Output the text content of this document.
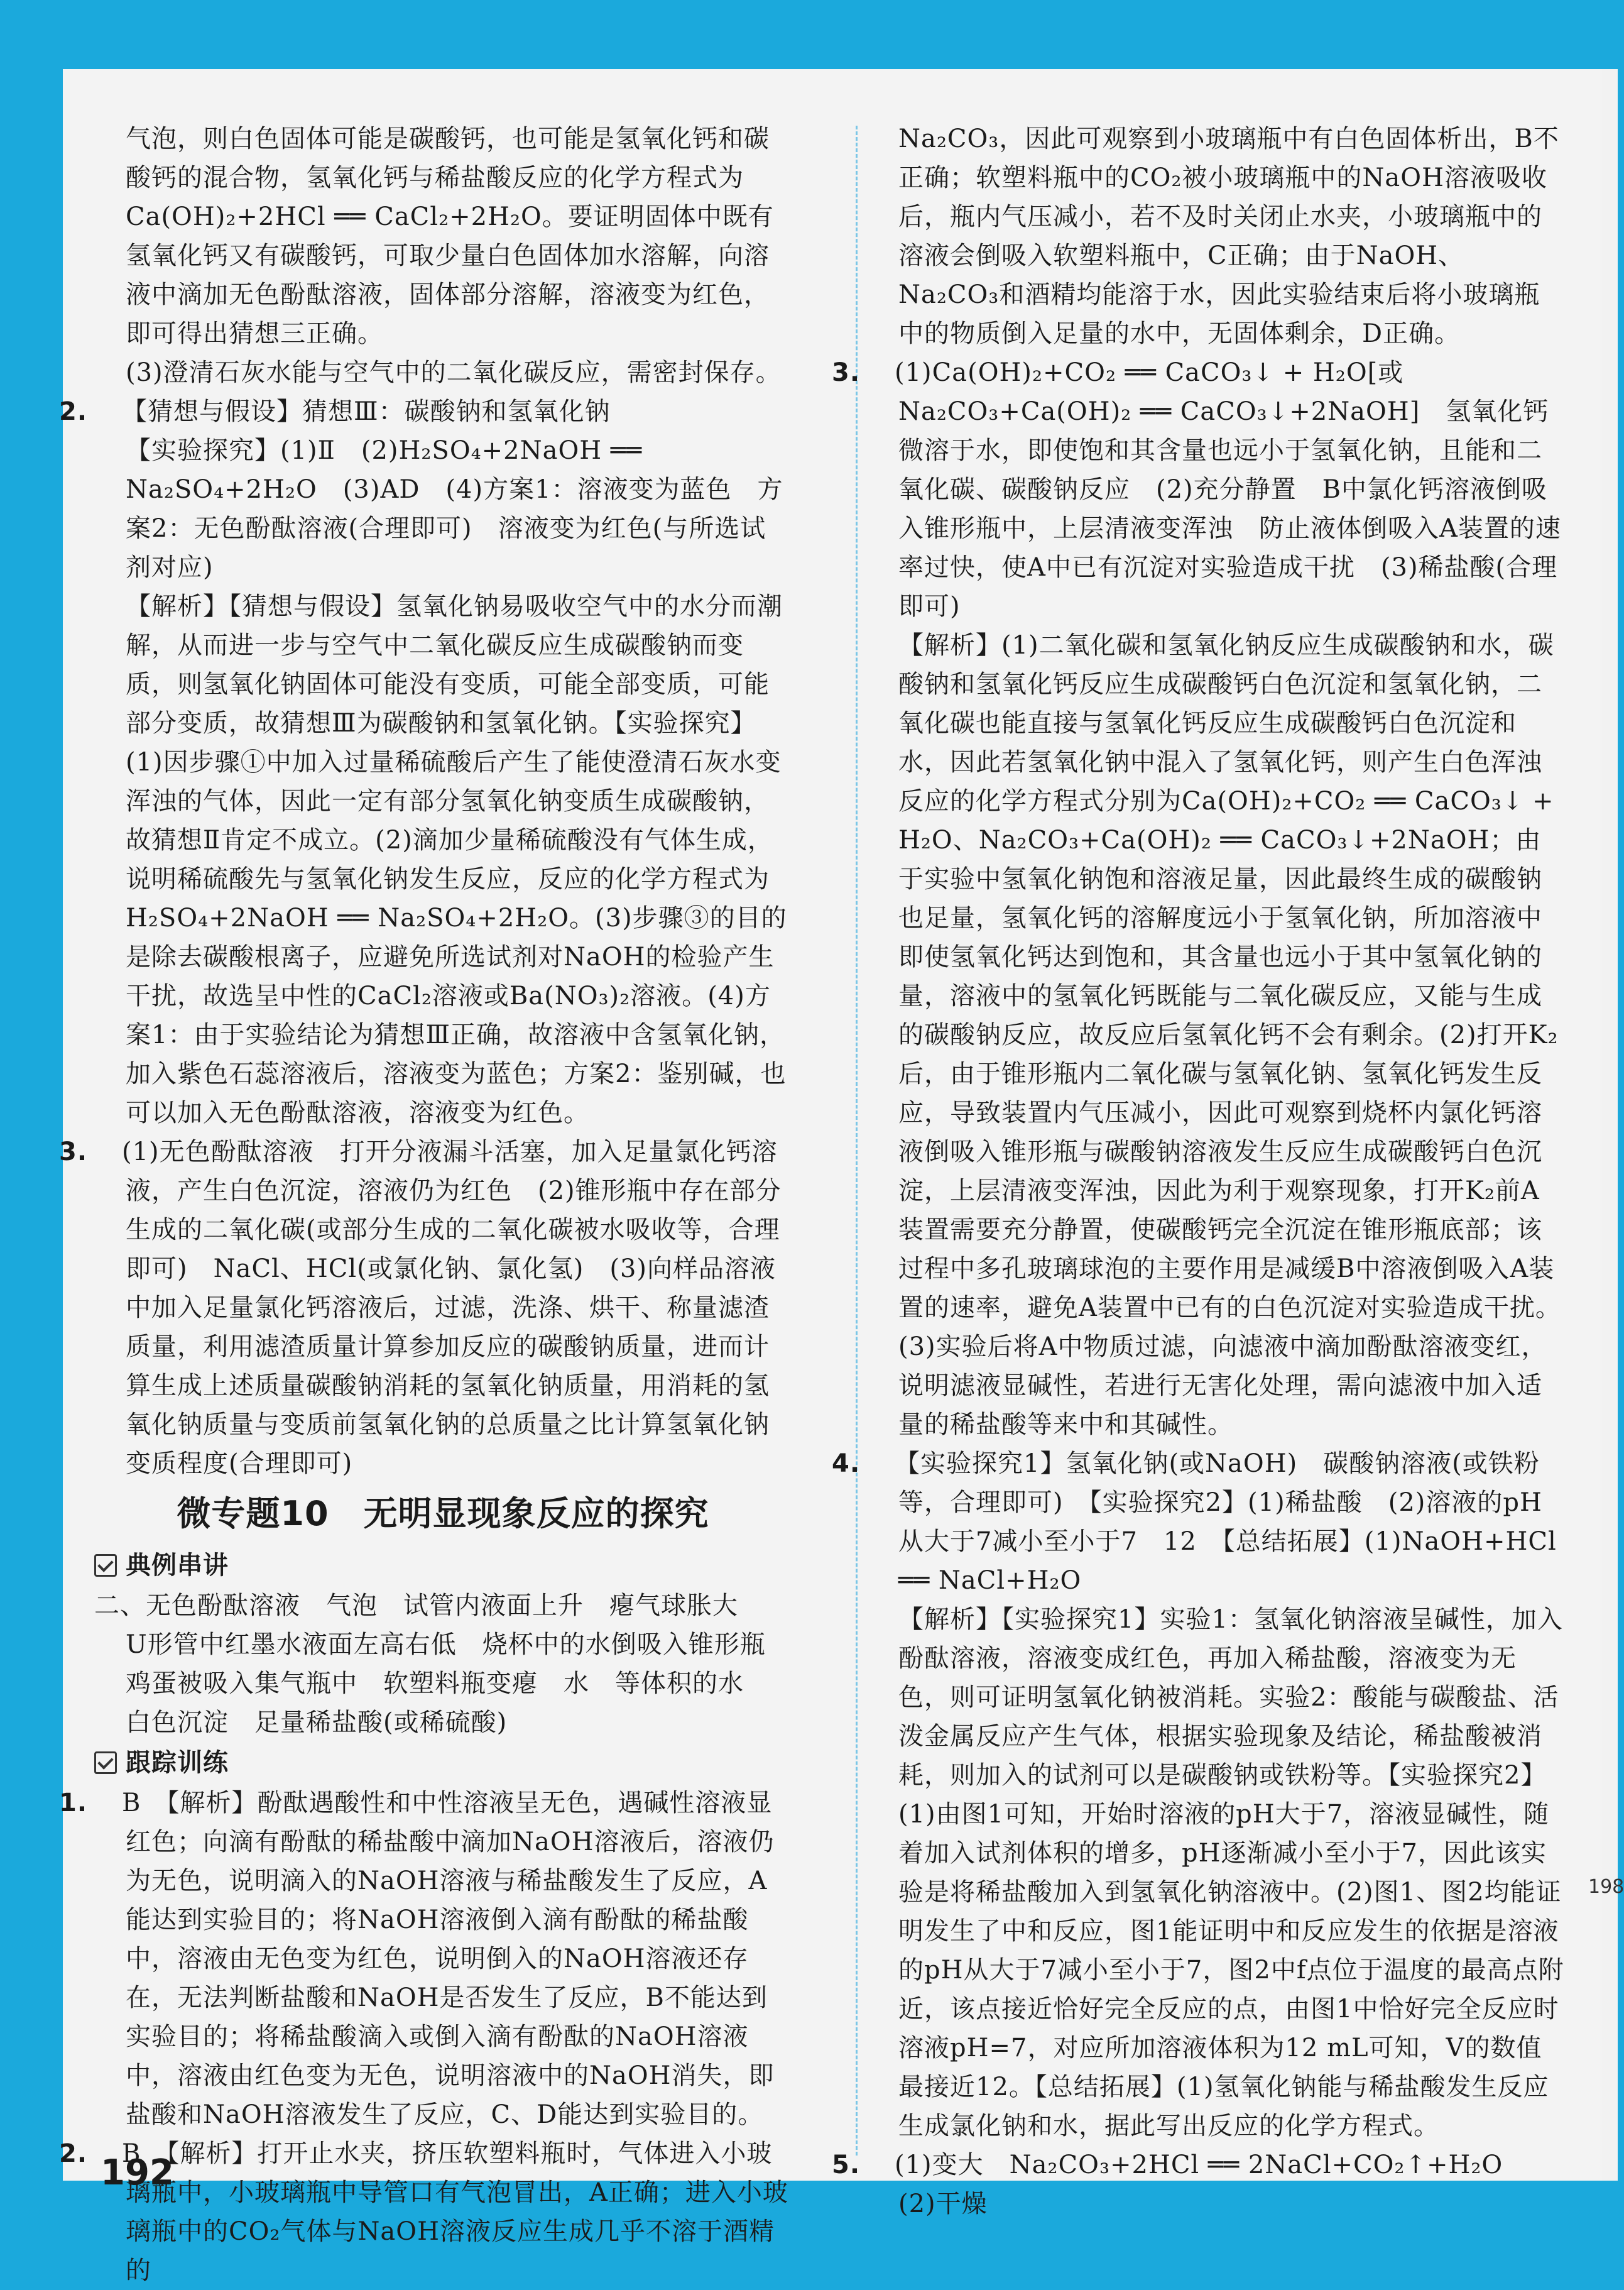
气泡，则白色固体可能是碳酸钙，也可能是氢氧化钙和碳酸钙的混合物，氢氧化钙与稀盐酸反应的化学方程式为Ca(OH)₂+2HCl ══ CaCl₂+2H₂O。要证明固体中既有氢氧化钙又有碳酸钙，可取少量白色固体加水溶解，向溶液中滴加无色酚酞溶液，固体部分溶解，溶液变为红色，即可得出猜想三正确。

(3)澄清石灰水能与空气中的二氧化碳反应，需密封保存。

2. 【猜想与假设】猜想Ⅲ：碳酸钠和氢氧化钠

【实验探究】(1)Ⅱ　(2)H₂SO₄+2NaOH ══ Na₂SO₄+2H₂O　(3)AD　(4)方案1：溶液变为蓝色　方案2：无色酚酞溶液(合理即可)　溶液变为红色(与所选试剂对应)

【解析】【猜想与假设】氢氧化钠易吸收空气中的水分而潮解，从而进一步与空气中二氧化碳反应生成碳酸钠而变质，则氢氧化钠固体可能没有变质，可能全部变质，可能部分变质，故猜想Ⅲ为碳酸钠和氢氧化钠。【实验探究】(1)因步骤①中加入过量稀硫酸后产生了能使澄清石灰水变浑浊的气体，因此一定有部分氢氧化钠变质生成碳酸钠，故猜想Ⅱ肯定不成立。(2)滴加少量稀硫酸没有气体生成，说明稀硫酸先与氢氧化钠发生反应，反应的化学方程式为H₂SO₄+2NaOH ══ Na₂SO₄+2H₂O。(3)步骤③的目的是除去碳酸根离子，应避免所选试剂对NaOH的检验产生干扰，故选呈中性的CaCl₂溶液或Ba(NO₃)₂溶液。(4)方案1：由于实验结论为猜想Ⅲ正确，故溶液中含氢氧化钠，加入紫色石蕊溶液后，溶液变为蓝色；方案2：鉴别碱，也可以加入无色酚酞溶液，溶液变为红色。

3. (1)无色酚酞溶液　打开分液漏斗活塞，加入足量氯化钙溶液，产生白色沉淀，溶液仍为红色　(2)锥形瓶中存在部分生成的二氧化碳(或部分生成的二氧化碳被水吸收等，合理即可)　NaCl、HCl(或氯化钠、氯化氢)　(3)向样品溶液中加入足量氯化钙溶液后，过滤，洗涤、烘干、称量滤渣质量，利用滤渣质量计算参加反应的碳酸钠质量，进而计算生成上述质量碳酸钠消耗的氢氧化钠质量，用消耗的氢氧化钠质量与变质前氢氧化钠的总质量之比计算氢氧化钠变质程度(合理即可)

微专题10　无明显现象反应的探究
典例串讲

二、无色酚酞溶液　气泡　试管内液面上升　瘪气球胀大

U形管中红墨水液面左高右低　烧杯中的水倒吸入锥形瓶

鸡蛋被吸入集气瓶中　软塑料瓶变瘪　水　等体积的水

白色沉淀　足量稀盐酸(或稀硫酸)

跟踪训练

1. B　【解析】酚酞遇酸性和中性溶液呈无色，遇碱性溶液显红色；向滴有酚酞的稀盐酸中滴加NaOH溶液后，溶液仍为无色，说明滴入的NaOH溶液与稀盐酸发生了反应，A能达到实验目的；将NaOH溶液倒入滴有酚酞的稀盐酸中，溶液由无色变为红色，说明倒入的NaOH溶液还存在，无法判断盐酸和NaOH是否发生了反应，B不能达到实验目的；将稀盐酸滴入或倒入滴有酚酞的NaOH溶液中，溶液由红色变为无色，说明溶液中的NaOH消失，即盐酸和NaOH溶液发生了反应，C、D能达到实验目的。

2. B　【解析】打开止水夹，挤压软塑料瓶时，气体进入小玻璃瓶中，小玻璃瓶中导管口有气泡冒出，A正确；进入小玻璃瓶中的CO₂气体与NaOH溶液反应生成几乎不溶于酒精的

Na₂CO₃，因此可观察到小玻璃瓶中有白色固体析出，B不正确；软塑料瓶中的CO₂被小玻璃瓶中的NaOH溶液吸收后，瓶内气压减小，若不及时关闭止水夹，小玻璃瓶中的溶液会倒吸入软塑料瓶中，C正确；由于NaOH、Na₂CO₃和酒精均能溶于水，因此实验结束后将小玻璃瓶中的物质倒入足量的水中，无固体剩余，D正确。

3. (1)Ca(OH)₂+CO₂ ══ CaCO₃↓ + H₂O[或Na₂CO₃+Ca(OH)₂ ══ CaCO₃↓+2NaOH]　氢氧化钙微溶于水，即使饱和其含量也远小于氢氧化钠，且能和二氧化碳、碳酸钠反应　(2)充分静置　B中氯化钙溶液倒吸入锥形瓶中，上层清液变浑浊　防止液体倒吸入A装置的速率过快，使A中已有沉淀对实验造成干扰　(3)稀盐酸(合理即可)

【解析】(1)二氧化碳和氢氧化钠反应生成碳酸钠和水，碳酸钠和氢氧化钙反应生成碳酸钙白色沉淀和氢氧化钠，二氧化碳也能直接与氢氧化钙反应生成碳酸钙白色沉淀和水，因此若氢氧化钠中混入了氢氧化钙，则产生白色浑浊反应的化学方程式分别为Ca(OH)₂+CO₂ ══ CaCO₃↓ + H₂O、Na₂CO₃+Ca(OH)₂ ══ CaCO₃↓+2NaOH；由于实验中氢氧化钠饱和溶液足量，因此最终生成的碳酸钠也足量，氢氧化钙的溶解度远小于氢氧化钠，所加溶液中即使氢氧化钙达到饱和，其含量也远小于其中氢氧化钠的量，溶液中的氢氧化钙既能与二氧化碳反应，又能与生成的碳酸钠反应，故反应后氢氧化钙不会有剩余。(2)打开K₂后，由于锥形瓶内二氧化碳与氢氧化钠、氢氧化钙发生反应，导致装置内气压减小，因此可观察到烧杯内氯化钙溶液倒吸入锥形瓶与碳酸钠溶液发生反应生成碳酸钙白色沉淀，上层清液变浑浊，因此为利于观察现象，打开K₂前A装置需要充分静置，使碳酸钙完全沉淀在锥形瓶底部；该过程中多孔玻璃球泡的主要作用是减缓B中溶液倒吸入A装置的速率，避免A装置中已有的白色沉淀对实验造成干扰。(3)实验后将A中物质过滤，向滤液中滴加酚酞溶液变红，说明滤液显碱性，若进行无害化处理，需向滤液中加入适量的稀盐酸等来中和其碱性。

4. 【实验探究1】氢氧化钠(或NaOH)　碳酸钠溶液(或铁粉等，合理即可)　【实验探究2】(1)稀盐酸　(2)溶液的pH从大于7减小至小于7　12　【总结拓展】(1)NaOH+HCl ══ NaCl+H₂O

【解析】【实验探究1】实验1：氢氧化钠溶液呈碱性，加入酚酞溶液，溶液变成红色，再加入稀盐酸，溶液变为无色，则可证明氢氧化钠被消耗。实验2：酸能与碳酸盐、活泼金属反应产生气体，根据实验现象及结论，稀盐酸被消耗，则加入的试剂可以是碳酸钠或铁粉等。【实验探究2】(1)由图1可知，开始时溶液的pH大于7，溶液显碱性，随着加入试剂体积的增多，pH逐渐减小至小于7，因此该实验是将稀盐酸加入到氢氧化钠溶液中。(2)图1、图2均能证明发生了中和反应，图1能证明中和反应发生的依据是溶液的pH从大于7减小至小于7，图2中f点位于温度的最高点附近，该点接近恰好完全反应的点，由图1中恰好完全反应时溶液pH=7，对应所加溶液体积为12 mL可知，V的数值最接近12。【总结拓展】(1)氢氧化钠能与稀盐酸发生反应生成氯化钠和水，据此写出反应的化学方程式。

5. (1)变大　Na₂CO₃+2HCl ══ 2NaCl+CO₂↑+H₂O　(2)干燥

192
198
